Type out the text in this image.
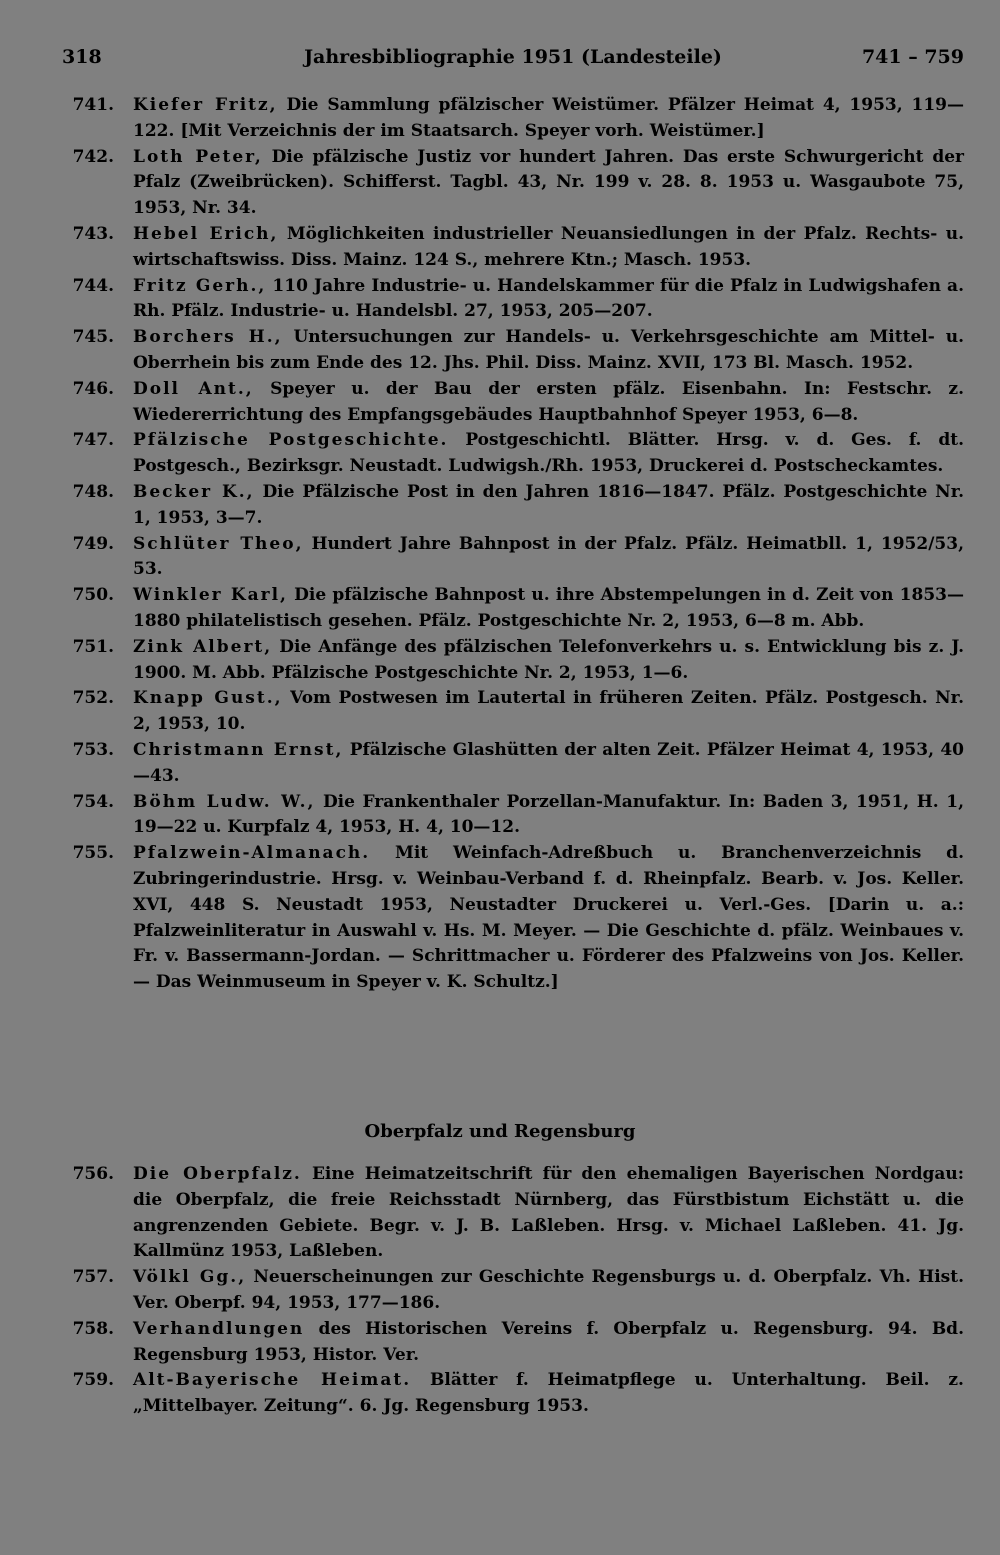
318	Jahresbibliographie 1951 (Landesteile)	741 – 759
741. Kiefer Fritz, Die Sammlung pfälzischer Weistümer. Pfälzer Heimat 4, 1953, 119—122. [Mit Verzeichnis der im Staatsarch. Speyer vorh. Weistümer.]
742. Loth Peter, Die pfälzische Justiz vor hundert Jahren. Das erste Schwurgericht der Pfalz (Zweibrücken). Schifferst. Tagbl. 43, Nr. 199 v. 28. 8. 1953 u. Wasgaubote 75, 1953, Nr. 34.
743. Hebel Erich, Möglichkeiten industrieller Neuansiedlungen in der Pfalz. Rechts- u. wirtschaftswiss. Diss. Mainz. 124 S., mehrere Ktn.; Masch. 1953.
744. Fritz Gerh., 110 Jahre Industrie- u. Handelskammer für die Pfalz in Ludwigshafen a. Rh. Pfälz. Industrie- u. Handelsbl. 27, 1953, 205—207.
745. Borchers H., Untersuchungen zur Handels- u. Verkehrsgeschichte am Mittel- u. Oberrhein bis zum Ende des 12. Jhs. Phil. Diss. Mainz. XVII, 173 Bl. Masch. 1952.
746. Doll Ant., Speyer u. der Bau der ersten pfälz. Eisenbahn. In: Festschr. z. Wiedererrichtung des Empfangsgebäudes Hauptbahnhof Speyer 1953, 6—8.
747. Pfälzische Postgeschichte. Postgeschichtl. Blätter. Hrsg. v. d. Ges. f. dt. Postgesch., Bezirksgr. Neustadt. Ludwigsh./Rh. 1953, Druckerei d. Postscheckamtes.
748. Becker K., Die Pfälzische Post in den Jahren 1816—1847. Pfälz. Postgeschichte Nr. 1, 1953, 3—7.
749. Schlüter Theo, Hundert Jahre Bahnpost in der Pfalz. Pfälz. Heimatbll. 1, 1952/53, 53.
750. Winkler Karl, Die pfälzische Bahnpost u. ihre Abstempelungen in d. Zeit von 1853—1880 philatelistisch gesehen. Pfälz. Postgeschichte Nr. 2, 1953, 6—8 m. Abb.
751. Zink Albert, Die Anfänge des pfälzischen Telefonverkehrs u. s. Entwicklung bis z. J. 1900. M. Abb. Pfälzische Postgeschichte Nr. 2, 1953, 1—6.
752. Knapp Gust., Vom Postwesen im Lautertal in früheren Zeiten. Pfälz. Postgesch. Nr. 2, 1953, 10.
753. Christmann Ernst, Pfälzische Glashütten der alten Zeit. Pfälzer Heimat 4, 1953, 40—43.
754. Böhm Ludw. W., Die Frankenthaler Porzellan-Manufaktur. In: Baden 3, 1951, H. 1, 19—22 u. Kurpfalz 4, 1953, H. 4, 10—12.
755. Pfalzwein-Almanach. Mit Weinfach-Adreßbuch u. Branchenverzeichnis d. Zubringerindustrie. Hrsg. v. Weinbau-Verband f. d. Rheinpfalz. Bearb. v. Jos. Keller. XVI, 448 S. Neustadt 1953, Neustadter Druckerei u. Verl.-Ges. [Darin u. a.: Pfalzweinliteratur in Auswahl v. Hs. M. Meyer. — Die Geschichte d. pfälz. Weinbaues v. Fr. v. Bassermann-Jordan. — Schrittmacher u. Förderer des Pfalzweins von Jos. Keller. — Das Weinmuseum in Speyer v. K. Schultz.]
Oberpfalz und Regensburg
756. Die Oberpfalz. Eine Heimatzeitschrift für den ehemaligen Bayerischen Nordgau: die Oberpfalz, die freie Reichsstadt Nürnberg, das Fürstbistum Eichstätt u. die angrenzenden Gebiete. Begr. v. J. B. Laßleben. Hrsg. v. Michael Laßleben. 41. Jg. Kallmünz 1953, Laßleben.
757. Völkl Gg., Neuerscheinungen zur Geschichte Regensburgs u. d. Oberpfalz. Vh. Hist. Ver. Oberpf. 94, 1953, 177—186.
758. Verhandlungen des Historischen Vereins f. Oberpfalz u. Regensburg. 94. Bd. Regensburg 1953, Histor. Ver.
759. Alt-Bayerische Heimat. Blätter f. Heimatpflege u. Unterhaltung. Beil. z. „Mittelbayer. Zeitung“. 6. Jg. Regensburg 1953.
